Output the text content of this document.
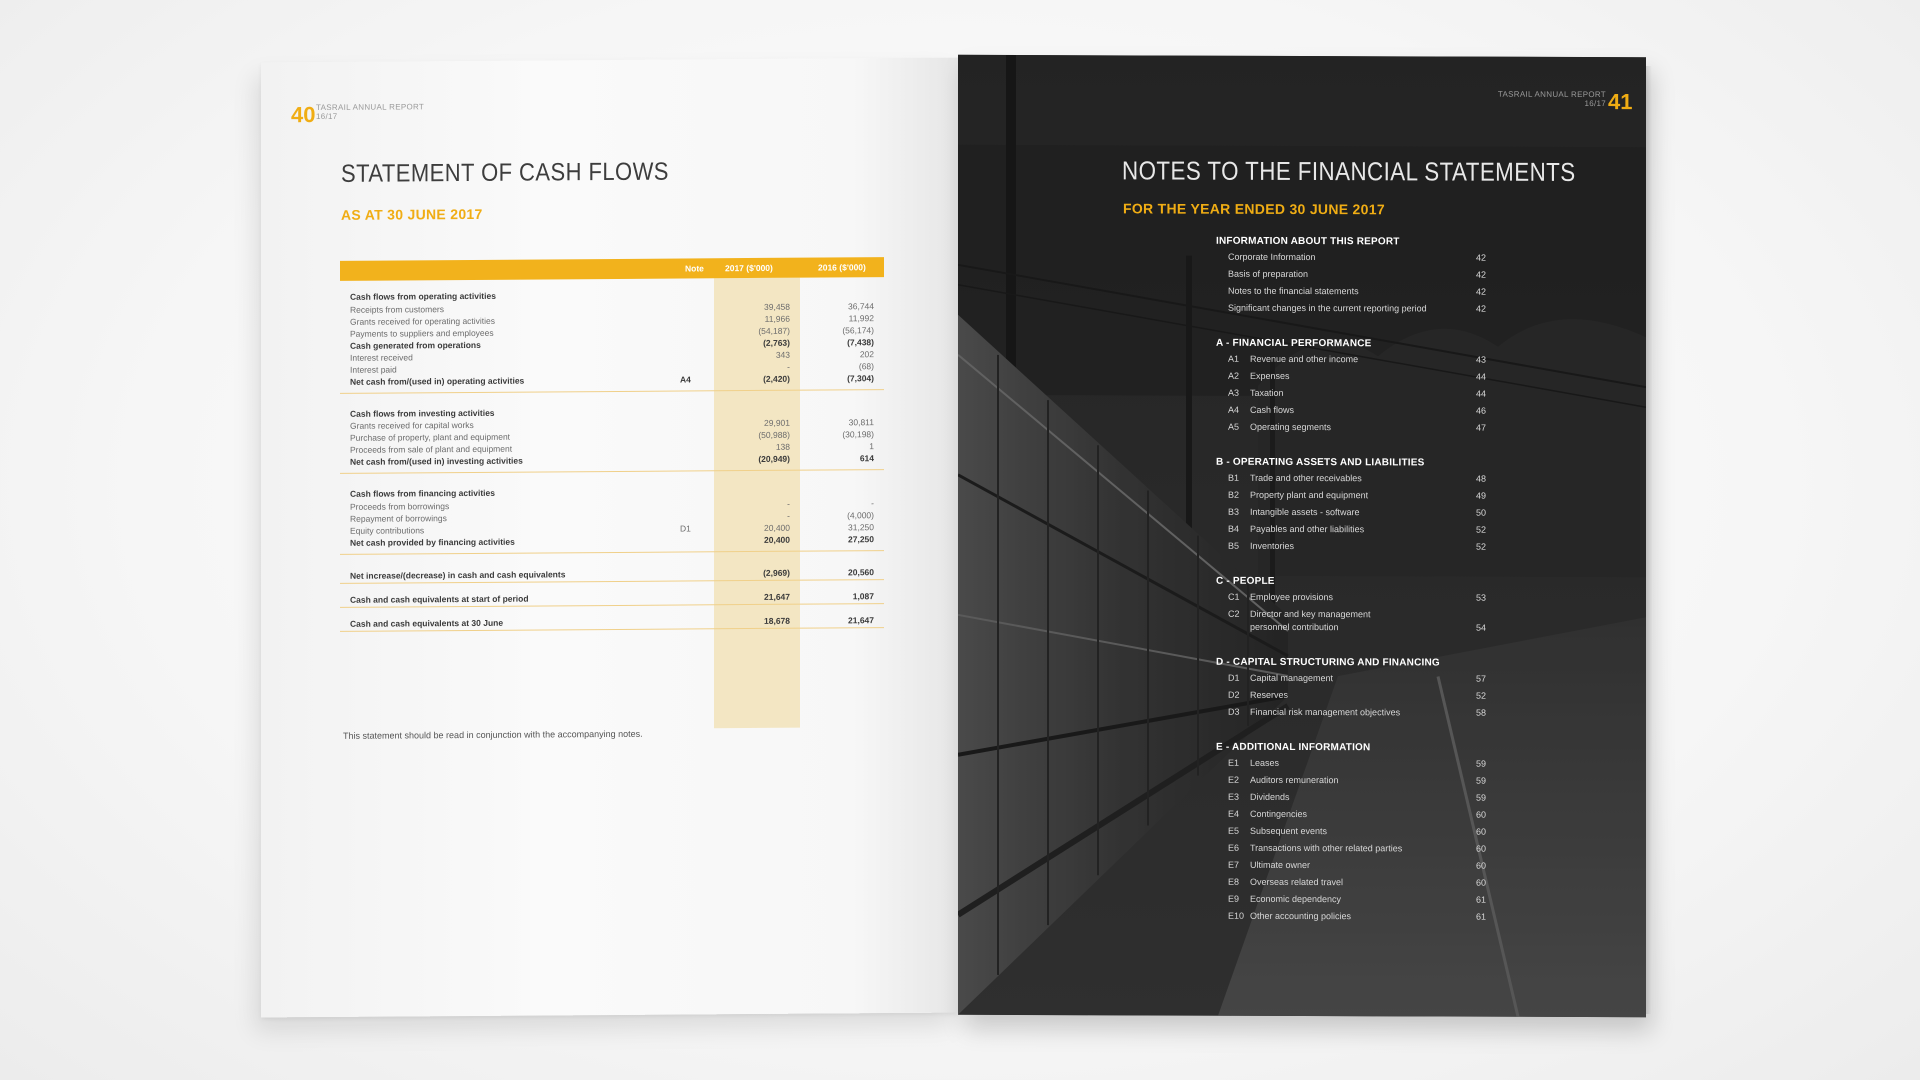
40 TASRAIL ANNUAL REPORT
16/17
STATEMENT OF CASH FLOWS
AS AT 30 JUNE 2017
Note 2017 ($'000)	2016 ($'000)
Cash flows from operating activities
Receipts from customers	39,458	36,744
Grants received for operating activities	11,966	11,992
Payments to suppliers and employees	(54,187)	(56,174)
Cash generated from operations	(2,763)	(7,438)
Interest received	343	202
Interest paid	-	(68)
Net cash from/(used in) operating activities	A4	(2,420)	(7,304)
Cash flows from investing activities
Grants received for capital works	29,901	30,811
Purchase of property, plant and equipment	(50,988)	(30,198)
Proceeds from sale of plant and equipment	138	1
Net cash from/(used in) investing activities	(20,949)	614
Cash flows from financing activities
Proceeds from borrowings	-	-
Repayment of borrowings	-	(4,000)
Equity contributions	D1	20,400	31,250
Net cash provided by financing activities	20,400	27,250
Net increase/(decrease) in cash and cash equivalents	(2,969)	20,560
Cash and cash equivalents at start of period	21,647	1,087
Cash and cash equivalents at 30 June	18,678	21,647
This statement should be read in conjunction with the accompanying notes.
TASRAIL ANNUAL REPORT
16/17 41
NOTES TO THE FINANCIAL STATEMENTS
FOR THE YEAR ENDED 30 JUNE 2017
INFORMATION ABOUT THIS REPORT
Corporate Information	42
Basis of preparation	42
Notes to the financial statements	42
Significant changes in the current reporting period	42
A - FINANCIAL PERFORMANCE
A1 Revenue and other income	43
A2 Expenses	44
A3 Taxation	44
A4 Cash flows	46
A5 Operating segments	47
B - OPERATING ASSETS AND LIABILITIES
B1 Trade and other receivables	48
B2 Property plant and equipment	49
B3 Intangible assets - software	50
B4 Payables and other liabilities	52
B5 Inventories	52
C - PEOPLE
C1 Employee provisions	53
C2 Director and key management
personnel contribution	54
D - CAPITAL STRUCTURING AND FINANCING
D1 Capital management	57
D2 Reserves	52
D3 Financial risk management objectives	58
E - ADDITIONAL INFORMATION
E1 Leases	59
E2 Auditors remuneration	59
E3 Dividends	59
E4 Contingencies	60
E5 Subsequent events	60
E6 Transactions with other related parties	60
E7 Ultimate owner	60
E8 Overseas related travel	60
E9 Economic dependency	61
E10 Other accounting policies	61
